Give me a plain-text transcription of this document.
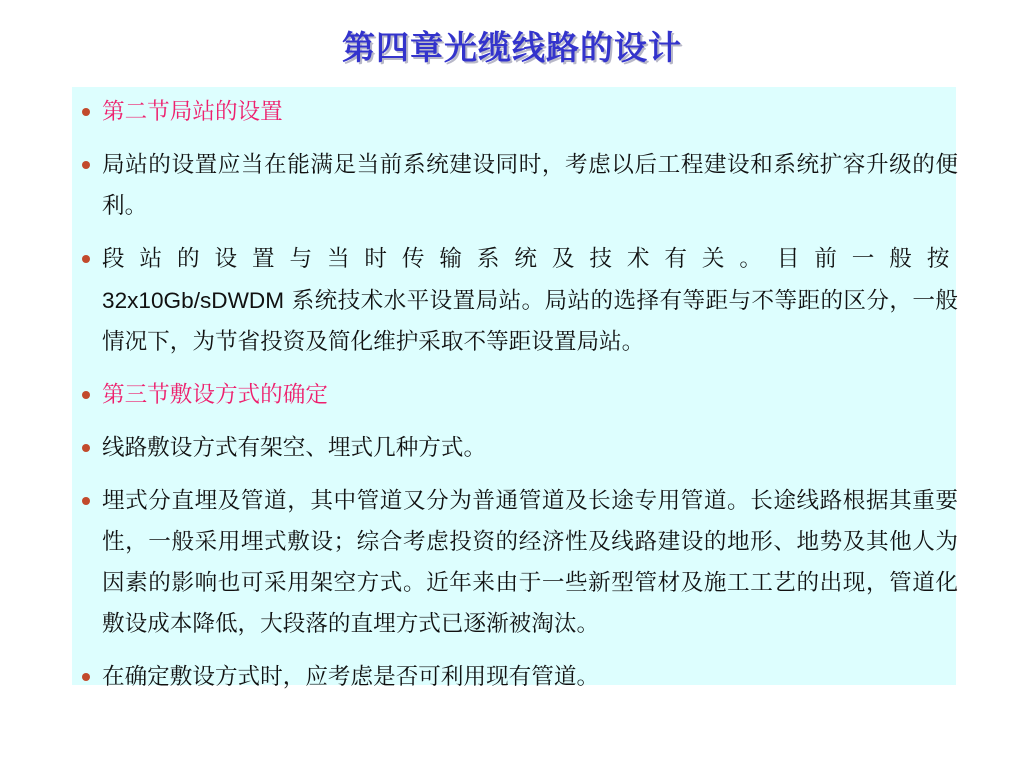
第四章光缆线路的设计
第二节局站的设置
局站的设置应当在能满足当前系统建设同时，考虑以后工程建设和系统扩容升级的便利。
段站的设置与当时传输系统及技术有关。目前一般按32x10Gb/sDWDM 系统技术水平设置局站。局站的选择有等距与不等距的区分，一般情况下，为节省投资及简化维护采取不等距设置局站。
第三节敷设方式的确定
线路敷设方式有架空、埋式几种方式。
埋式分直埋及管道，其中管道又分为普通管道及长途专用管道。长途线路根据其重要性，一般采用埋式敷设；综合考虑投资的经济性及线路建设的地形、地势及其他人为因素的影响也可采用架空方式。近年来由于一些新型管材及施工工艺的出现，管道化敷设成本降低，大段落的直埋方式已逐渐被淘汰。
在确定敷设方式时，应考虑是否可利用现有管道。
